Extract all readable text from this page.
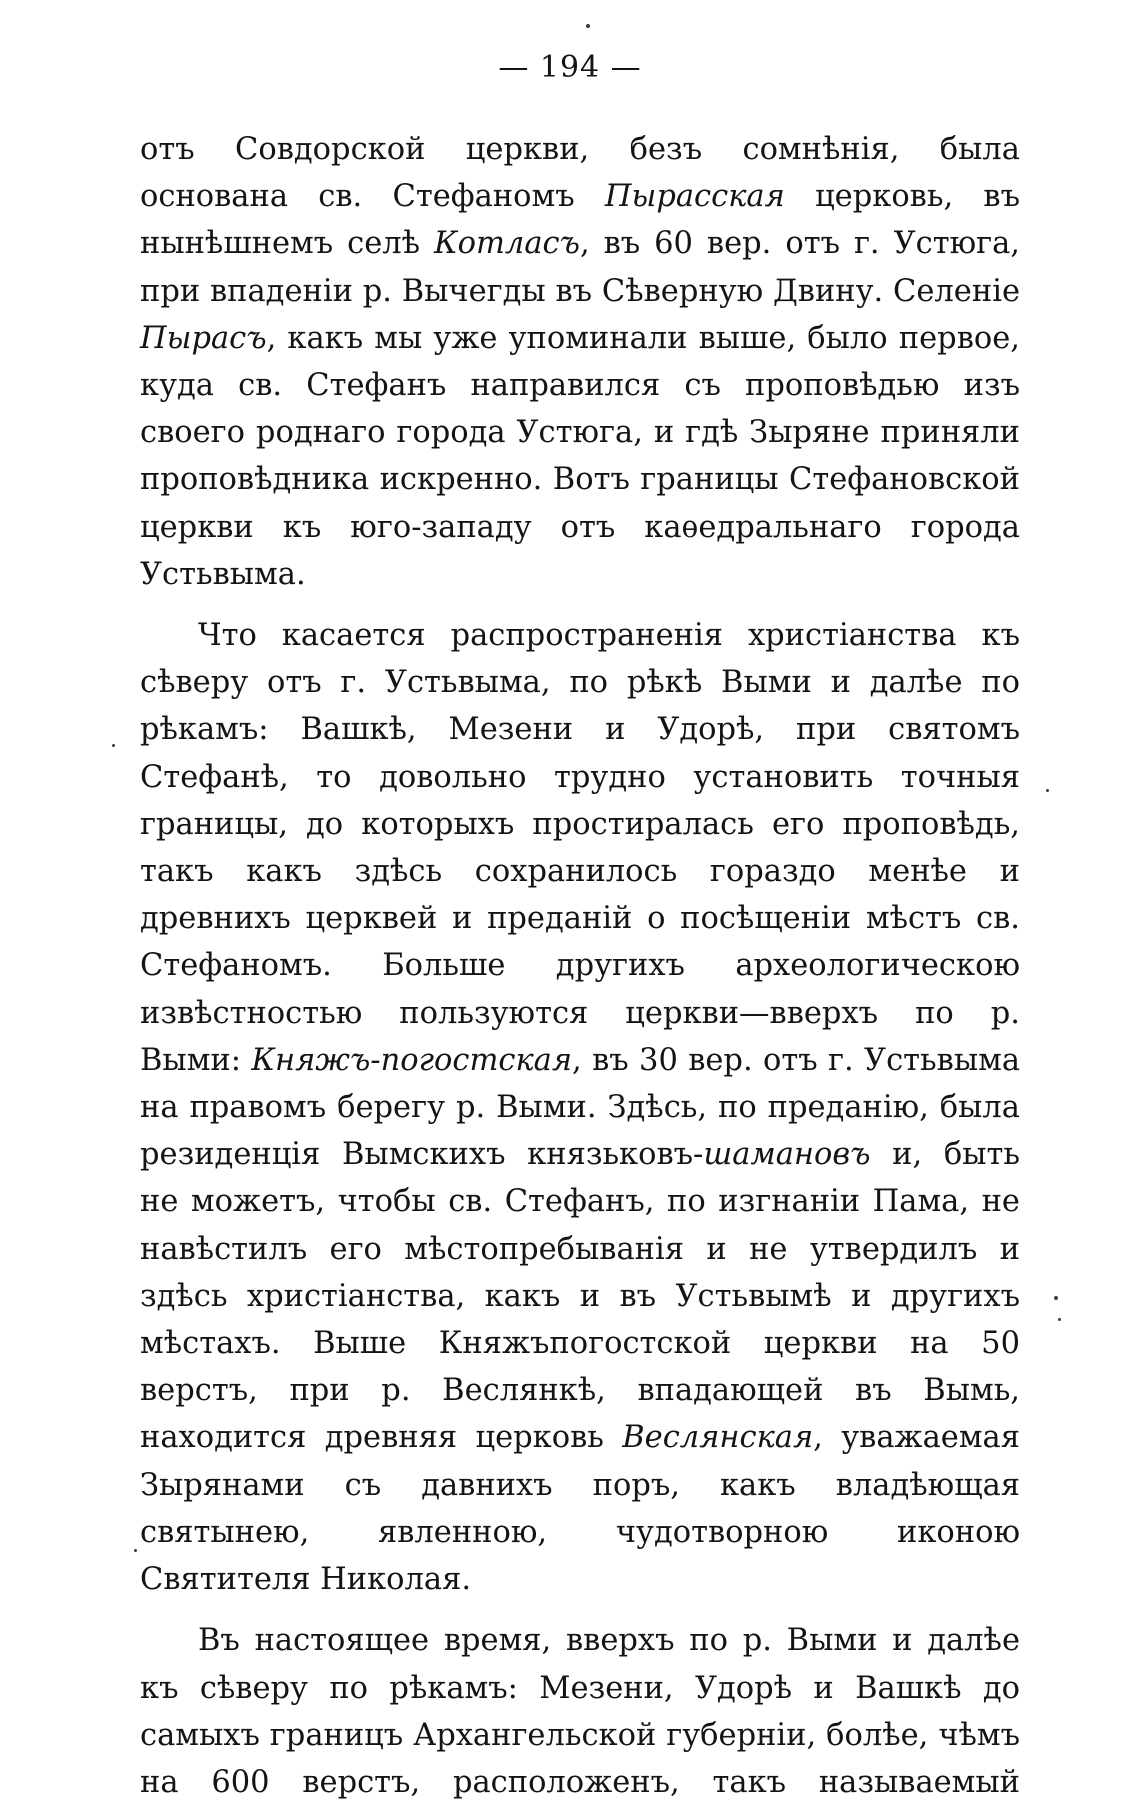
— 194 —

отъ Совдорской церкви, безъ сомнѣнія, была основана св. Стефаномъ Пырасская церковь, въ нынѣшнемъ селѣ Котласъ, въ 60 вер. отъ г. Устюга, при впаденіи р. Вычегды въ Сѣверную Двину. Селеніе Пырасъ, какъ мы уже упоминали выше, было первое, куда св. Стефанъ направился съ проповѣдью изъ своего роднаго города Устюга, и гдѣ Зыряне приняли проповѣдника искренно. Вотъ границы Стефановской церкви къ юго-западу отъ каѳедральнаго города Устьвыма.

Что касается распространенія христіанства къ сѣверу отъ г. Устьвыма, по рѣкѣ Выми и далѣе по рѣкамъ: Вашкѣ, Мезени и Удорѣ, при святомъ Стефанѣ, то довольно трудно установить точныя границы, до которыхъ простиралась его проповѣдь, такъ какъ здѣсь сохранилось гораздо менѣе и древнихъ церквей и преданій о посѣщеніи мѣстъ св. Стефаномъ. Больше другихъ археологическою извѣстностью пользуются церкви—вверхъ по р. Выми: Княжъ-погостская, въ 30 вер. отъ г. Устьвыма на правомъ берегу р. Выми. Здѣсь, по преданію, была резиденція Вымскихъ князьковъ-шамановъ и, быть не можетъ, чтобы св. Стефанъ, по изгнаніи Пама, не навѣстилъ его мѣстопребыванія и не утвердилъ и здѣсь христіанства, какъ и въ Устьвымѣ и другихъ мѣстахъ. Выше Княжъпогостской церкви на 50 верстъ, при р. Веслянкѣ, впадающей въ Вымь, находится древняя церковь Веслянская, уважаемая Зырянами съ давнихъ поръ, какъ владѣющая святынею, явленною, чудотворною иконою Святителя Николая.

Въ настоящее время, вверхъ по р. Выми и далѣе къ сѣверу по рѣкамъ: Мезени, Удорѣ и Вашкѣ до самыхъ границъ Архангельской губерніи, болѣе, чѣмъ на 600 верстъ, расположенъ, такъ называемый
